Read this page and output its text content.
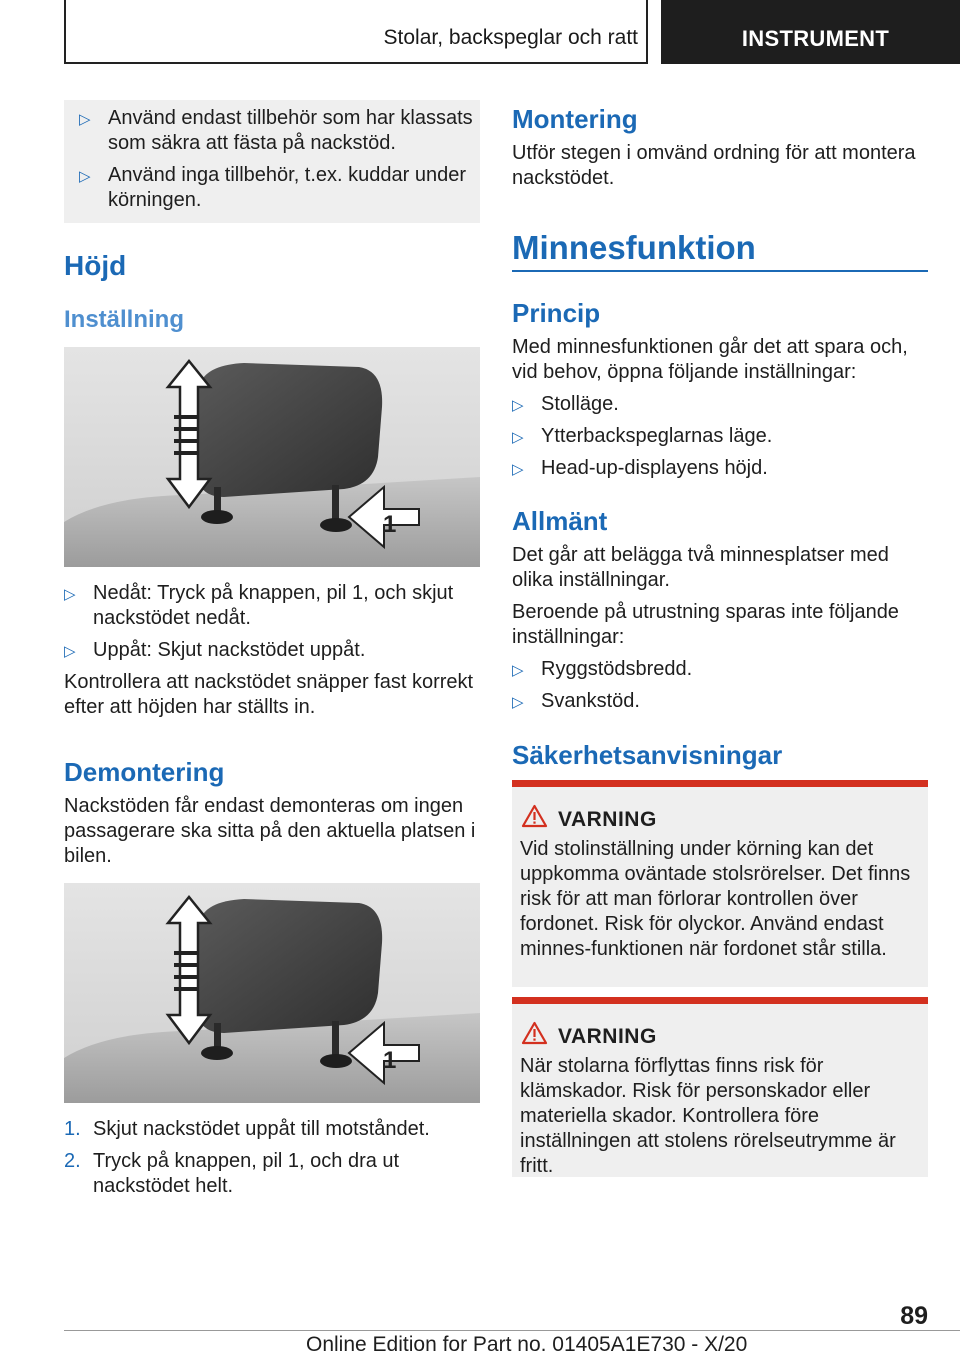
Stolar, backspeglar och ratt	INSTRUMENT
▷ Använd endast tillbehör som har klassats som säkra att fästa på nackstöd.
▷ Använd inga tillbehör, t.ex. kuddar under körningen.
Höjd
Inställning
1
▷ Nedåt: Tryck på knappen, pil 1, och skjut nackstödet nedåt.
▷ Uppåt: Skjut nackstödet uppåt.
Kontrollera att nackstödet snäpper fast korrekt efter att höjden har ställts in.
Demontering
Nackstöden får endast demonteras om ingen passagerare ska sitta på den aktuella platsen i bilen.
1
1. Skjut nackstödet uppåt till motståndet.
2. Tryck på knappen, pil 1, och dra ut nackstödet helt.
Montering
Utför stegen i omvänd ordning för att montera nackstödet.
Minnesfunktion
Princip
Med minnesfunktionen går det att spara och, vid behov, öppna följande inställningar:
▷ Stolläge.
▷ Ytterbackspeglarnas läge.
▷ Head-up-displayens höjd.
Allmänt
Det går att belägga två minnesplatser med olika inställningar.
Beroende på utrustning sparas inte följande inställningar:
▷ Ryggstödsbredd.
▷ Svankstöd.
Säkerhetsanvisningar
VARNING
Vid stolinställning under körning kan det uppkomma oväntade stolsrörelser. Det finns risk för att man förlorar kontrollen över fordonet. Risk för olyckor. Använd endast minnes-funktionen när fordonet står stilla.
VARNING
När stolarna förflyttas finns risk för klämskador. Risk för personskador eller materiella skador. Kontrollera före inställningen att stolens rörelseutrymme är fritt.
89
Online Edition for Part no. 01405A1E730 - X/20
